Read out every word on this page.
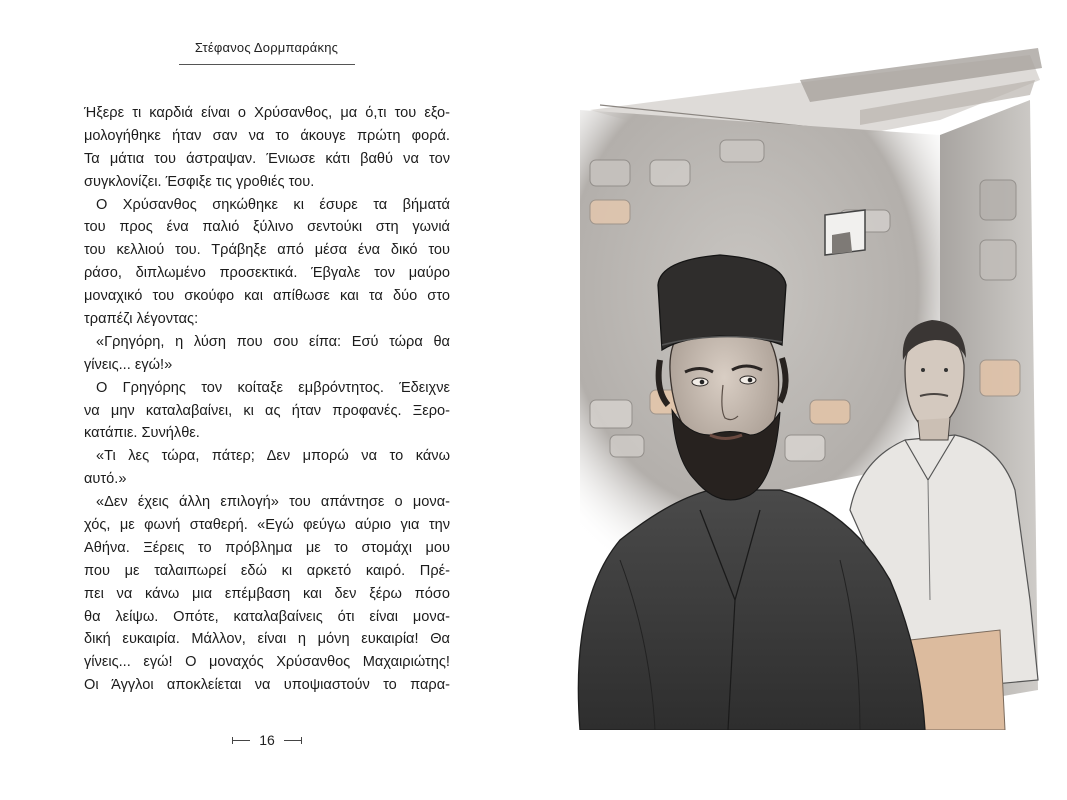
Στέφανος Δορμπαράκης
Ήξερε τι καρδιά είναι ο Χρύσανθος, μα ό,τι του εξο-
μολογήθηκε ήταν σαν να το άκουγε πρώτη φορά.
Τα μάτια του άστραψαν. Ένιωσε κάτι βαθύ να τον
συγκλονίζει. Έσφιξε τις γροθιές του.
Ο Χρύσανθος σηκώθηκε κι έσυρε τα βήματά
του προς ένα παλιό ξύλινο σεντούκι στη γωνιά
του κελλιού του. Τράβηξε από μέσα ένα δικό του
ράσο, διπλωμένο προσεκτικά. Έβγαλε τον μαύρο
μοναχικό του σκούφο και απίθωσε και τα δύο στο
τραπέζι λέγοντας:
«Γρηγόρη, η λύση που σου είπα: Εσύ τώρα θα
γίνεις... εγώ!»
Ο Γρηγόρης τον κοίταξε εμβρόντητος. Έδειχνε
να μην καταλαβαίνει, κι ας ήταν προφανές. Ξερο-
κατάπιε. Συνήλθε.
«Τι λες τώρα, πάτερ; Δεν μπορώ να το κάνω
αυτό.»
«Δεν έχεις άλλη επιλογή» του απάντησε ο μονα-
χός, με φωνή σταθερή. «Εγώ φεύγω αύριο για την
Αθήνα. Ξέρεις το πρόβλημα με το στομάχι μου
που με ταλαιπωρεί εδώ κι αρκετό καιρό. Πρέ-
πει να κάνω μια επέμβαση και δεν ξέρω πόσο
θα λείψω. Οπότε, καταλαβαίνεις ότι είναι μονα-
δική ευκαιρία. Μάλλον, είναι η μόνη ευκαιρία! Θα
γίνεις... εγώ! Ο μοναχός Χρύσανθος Μαχαιριώτης!
Οι Άγγλοι αποκλείεται να υποψιαστούν το παρα-
16
